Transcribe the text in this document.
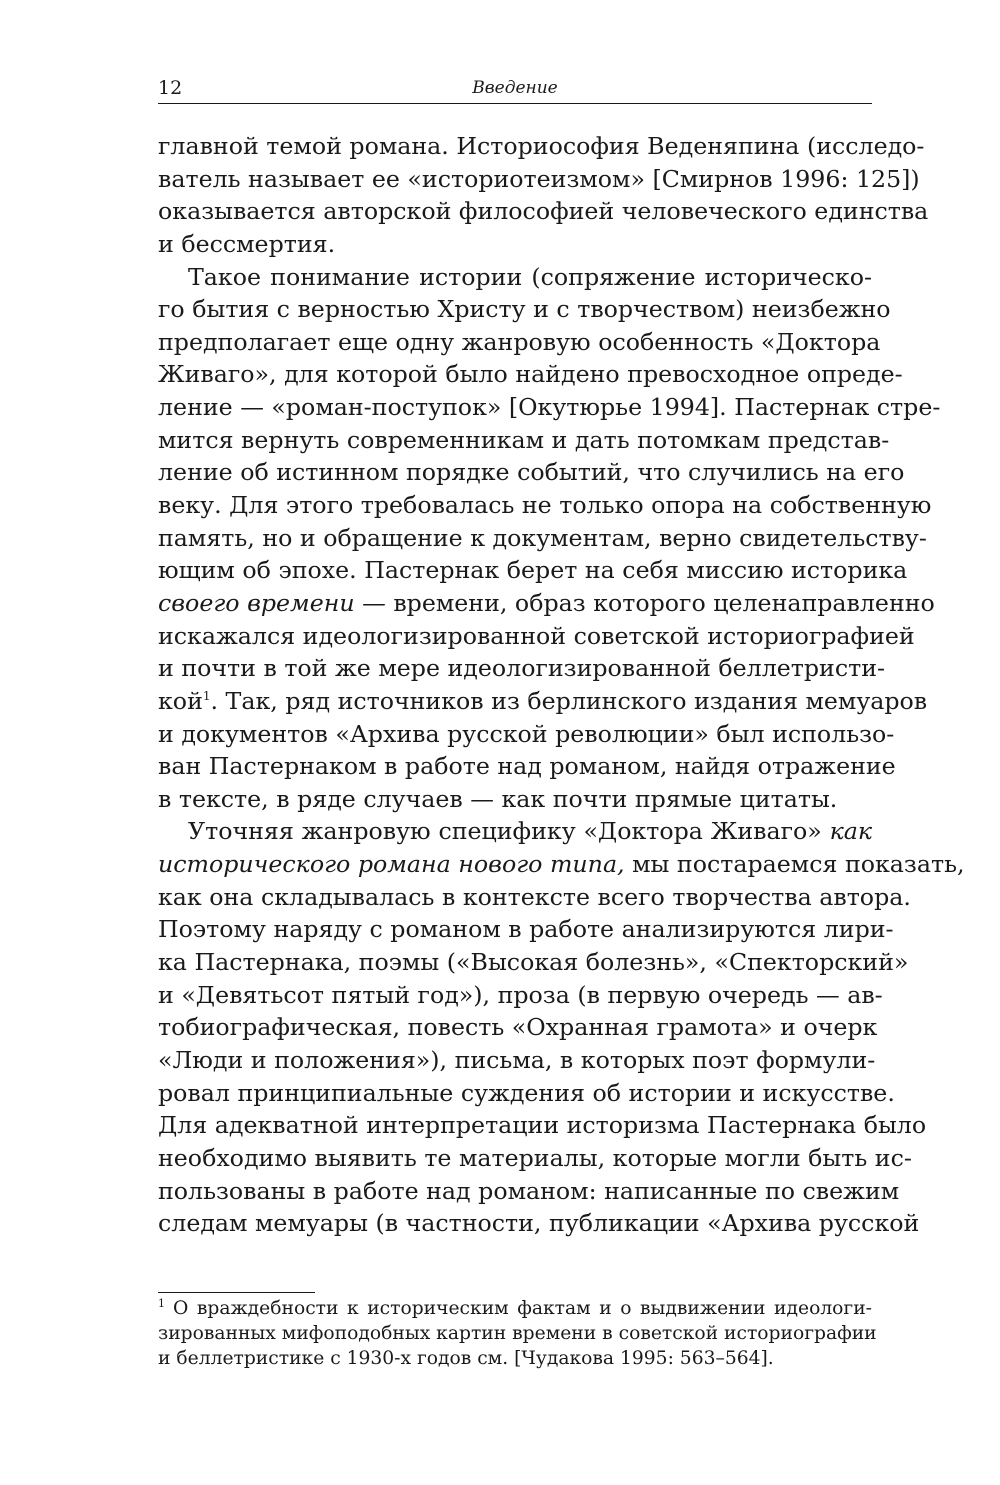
12	Введение
главной темой романа. Историософия Веденяпина (исследо-
ватель называет ее «историотеизмом» [Смирнов 1996: 125])
оказывается авторской философией человеческого единства
и бессмертия.
Такое понимание истории (сопряжение историческо-
го бытия с верностью Христу и с творчеством) неизбежно
предполагает еще одну жанровую особенность «Доктора
Живаго», для которой было найдено превосходное опреде-
ление — «роман-поступок» [Окутюрье 1994]. Пастернак стре-
мится вернуть современникам и дать потомкам представ-
ление об истинном порядке событий, что случились на его
веку. Для этого требовалась не только опора на собственную
память, но и обращение к документам, верно свидетельству-
ющим об эпохе. Пастернак берет на себя миссию историка
своего времени — времени, образ которого целенаправленно
искажался идеологизированной советской историографией
и почти в той же мере идеологизированной беллетристи-
кой$^1$. Так, ряд источников из берлинского издания мемуаров
и документов «Архива русской революции» был использо-
ван Пастернаком в работе над романом, найдя отражение
в тексте, в ряде случаев — как почти прямые цитаты.
Уточняя жанровую специфику «Доктора Живаго» как
исторического романа нового типа, мы постараемся показать,
как она складывалась в контексте всего творчества автора.
Поэтому наряду с романом в работе анализируются лири-
ка Пастернака, поэмы («Высокая болезнь», «Спекторский»
и «Девятьсот пятый год»), проза (в первую очередь — ав-
тобиографическая, повесть «Охранная грамота» и очерк
«Люди и положения»), письма, в которых поэт формули-
ровал принципиальные суждения об истории и искусстве.
Для адекватной интерпретации историзма Пастернака было
необходимо выявить те материалы, которые могли быть ис-
пользованы в работе над романом: написанные по свежим
следам мемуары (в частности, публикации «Архива русской
$^1$ О враждебности к историческим фактам и о выдвижении идеологи-
зированных мифоподобных картин времени в советской историографии
и беллетристике с 1930-х годов см. [Чудакова 1995: 563–564].
